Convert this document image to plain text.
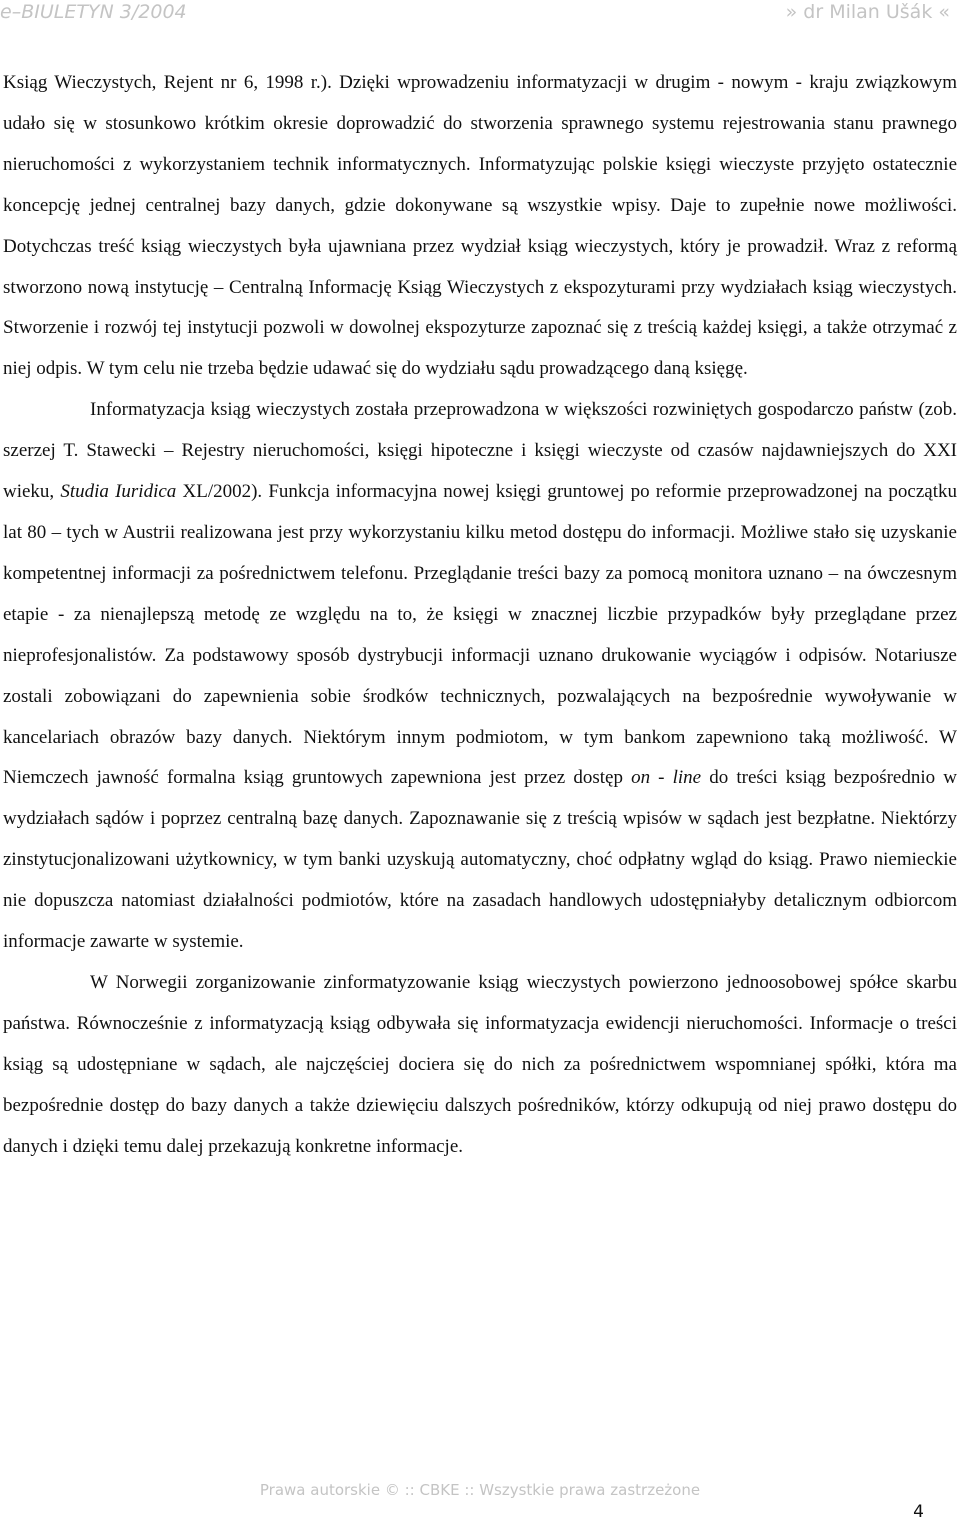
e–BIULETYN 3/2004	» dr Milan Ušák «

Ksiąg Wieczystych, Rejent nr 6, 1998 r.). Dzięki wprowadzeniu informatyzacji w drugim - nowym - kraju związkowym udało się w stosunkowo krótkim okresie doprowadzić do stworzenia sprawnego systemu rejestrowania stanu prawnego nieruchomości z wykorzystaniem technik informatycznych. Informatyzując polskie księgi wieczyste przyjęto ostatecznie koncepcję jednej centralnej bazy danych, gdzie dokonywane są wszystkie wpisy. Daje to zupełnie nowe możliwości. Dotychczas treść ksiąg wieczystych była ujawniana przez wydział ksiąg wieczystych, który je prowadził. Wraz z reformą stworzono nową instytucję – Centralną Informację Ksiąg Wieczystych z ekspozyturami przy wydziałach ksiąg wieczystych. Stworzenie i rozwój tej instytucji pozwoli w dowolnej ekspozyturze zapoznać się z treścią każdej księgi, a także otrzymać z niej odpis. W tym celu nie trzeba będzie udawać się do wydziału sądu prowadzącego daną księgę.

Informatyzacja ksiąg wieczystych została przeprowadzona w większości rozwiniętych gospodarczo państw (zob. szerzej T. Stawecki – Rejestry nieruchomości, księgi hipoteczne i księgi wieczyste od czasów najdawniejszych do XXI wieku, Studia Iuridica XL/2002). Funkcja informacyjna nowej księgi gruntowej po reformie przeprowadzonej na początku lat 80 – tych w Austrii realizowana jest przy wykorzystaniu kilku metod dostępu do informacji. Możliwe stało się uzyskanie kompetentnej informacji za pośrednictwem telefonu. Przeglądanie treści bazy za pomocą monitora uznano – na ówczesnym etapie - za nienajlepszą metodę ze względu na to, że księgi w znacznej liczbie przypadków były przeglądane przez nieprofesjonalistów. Za podstawowy sposób dystrybucji informacji uznano drukowanie wyciągów i odpisów. Notariusze zostali zobowiązani do zapewnienia sobie środków technicznych, pozwalających na bezpośrednie wywoływanie w kancelariach obrazów bazy danych. Niektórym innym podmiotom, w tym bankom zapewniono taką możliwość. W Niemczech jawność formalna ksiąg gruntowych zapewniona jest przez dostęp on - line do treści ksiąg bezpośrednio w wydziałach sądów i poprzez centralną bazę danych. Zapoznawanie się z treścią wpisów w sądach jest bezpłatne. Niektórzy zinstytucjonalizowani użytkownicy, w tym banki uzyskują automatyczny, choć odpłatny wgląd do ksiąg. Prawo niemieckie nie dopuszcza natomiast działalności podmiotów, które na zasadach handlowych udostępniałyby detalicznym odbiorcom informacje zawarte w systemie.

W Norwegii zorganizowanie zinformatyzowanie ksiąg wieczystych powierzono jednoosobowej spółce skarbu państwa. Równocześnie z informatyzacją ksiąg odbywała się informatyzacja ewidencji nieruchomości. Informacje o treści ksiąg są udostępniane w sądach, ale najczęściej dociera się do nich za pośrednictwem wspomnianej spółki, która ma bezpośrednie dostęp do bazy danych a także dziewięciu dalszych pośredników, którzy odkupują od niej prawo dostępu do danych i dzięki temu dalej przekazują konkretne informacje.

Prawa autorskie © :: CBKE :: Wszystkie prawa zastrzeżone
4
